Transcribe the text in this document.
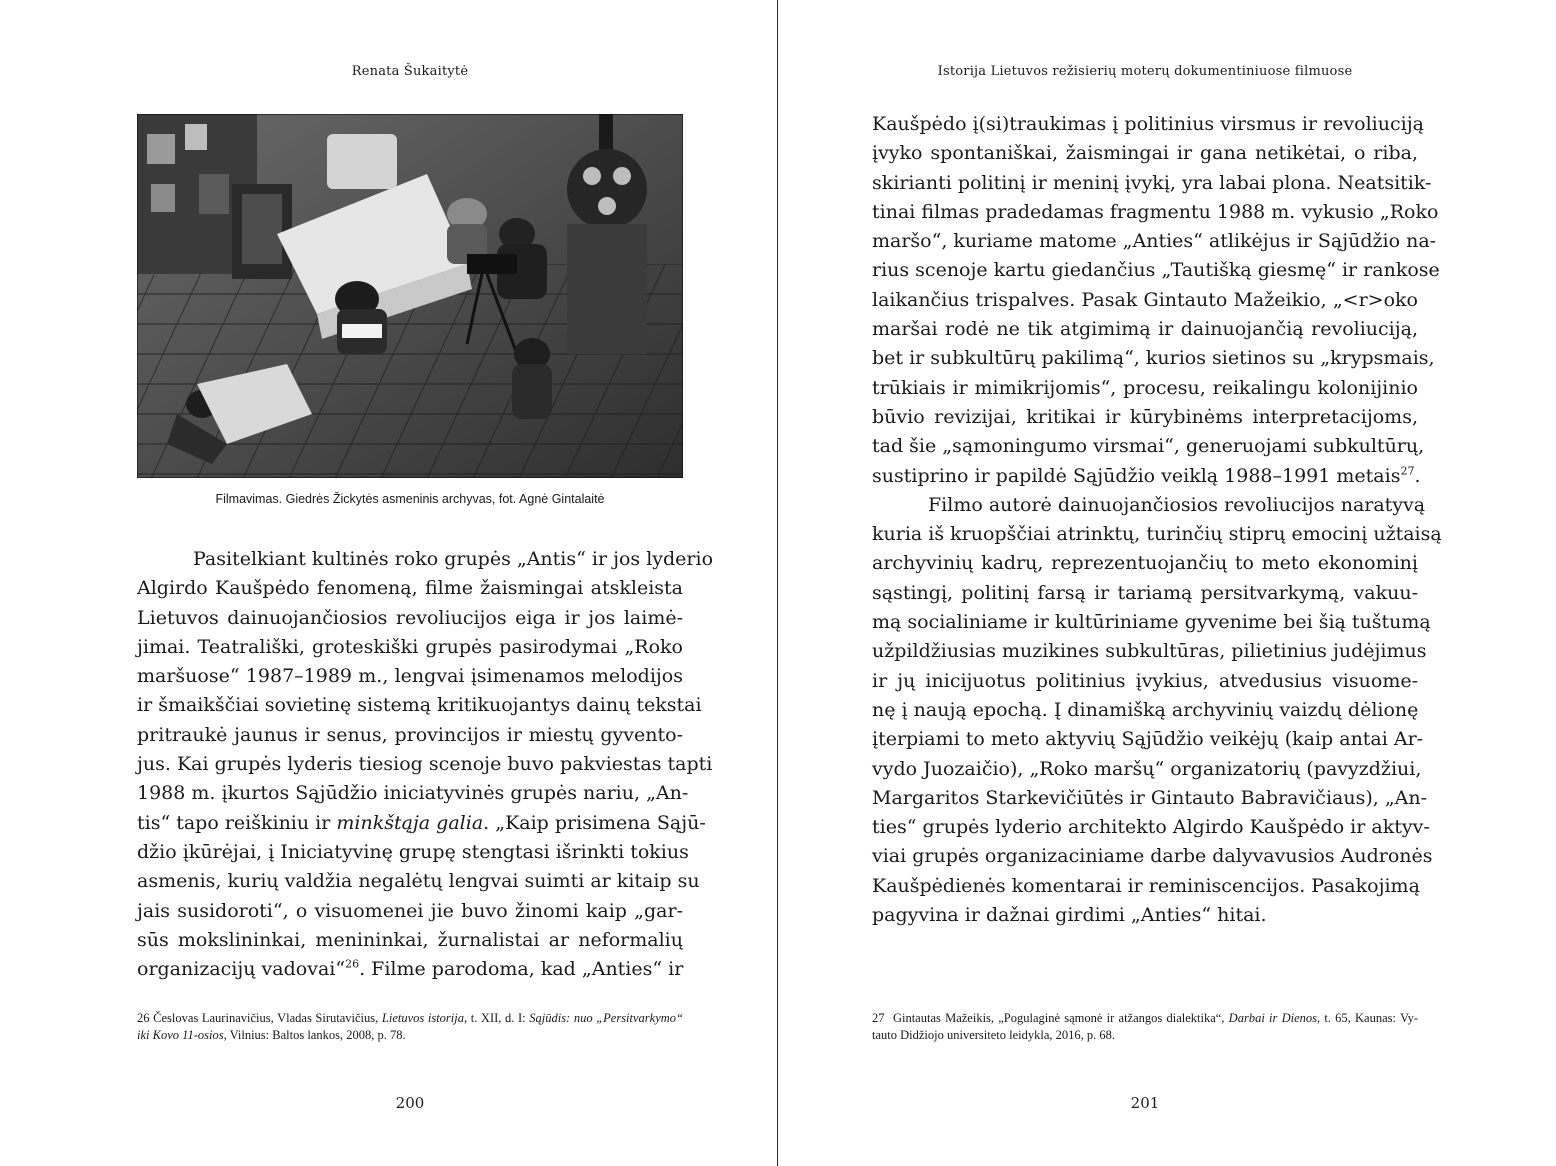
Renata Šukaitytė
Filmavimas. Giedrės Žickytės asmeninis archyvas, fot. Agnė Gintalaitė
Pasitelkiant kultinės roko grupės „Antis“ ir jos lyderio
Algirdo Kaušpėdo fenomeną, filme žaismingai atskleista
Lietuvos dainuojančiosios revoliucijos eiga ir jos laimė-
jimai. Teatrališki, groteskiški grupės pasirodymai „Roko
maršuose“ 1987–1989 m., lengvai įsimenamos melodijos
ir šmaikščiai sovietinę sistemą kritikuojantys dainų tekstai
pritraukė jaunus ir senus, provincijos ir miestų gyvento-
jus. Kai grupės lyderis tiesiog scenoje buvo pakviestas tapti
1988 m. įkurtos Sąjūdžio iniciatyvinės grupės nariu, „An-
tis“ tapo reiškiniu ir minkštąja galia. „Kaip prisimena Sąjū-
džio įkūrėjai, į Iniciatyvinę grupę stengtasi išrinkti tokius
asmenis, kurių valdžia negalėtų lengvai suimti ar kitaip su
jais susidoroti“, o visuomenei jie buvo žinomi kaip „gar-
sūs mokslininkai, menininkai, žurnalistai ar neformalių
organizacijų vadovai“$^{26}$. Filme parodoma, kad „Anties“ ir
26 Česlovas Laurinavičius, Vladas Sirutavičius, Lietuvos istorija, t. XII, d. I: Sąjūdis: nuo „Persitvarkymo“
iki Kovo 11-osios, Vilnius: Baltos lankos, 2008, p. 78.
200
Istorija Lietuvos režisierių moterų dokumentiniuose filmuose
Kaušpėdo į(si)traukimas į politinius virsmus ir revoliuciją
įvyko spontaniškai, žaismingai ir gana netikėtai, o riba,
skirianti politinį ir meninį įvykį, yra labai plona. Neatsitik-
tinai filmas pradedamas fragmentu 1988 m. vykusio „Roko
maršo“, kuriame matome „Anties“ atlikėjus ir Sąjūdžio na-
rius scenoje kartu giedančius „Tautišką giesmę“ ir rankose
laikančius trispalves. Pasak Gintauto Mažeikio, „<r>oko
maršai rodė ne tik atgimimą ir dainuojančią revoliuciją,
bet ir subkultūrų pakilimą“, kurios sietinos su „krypsmais,
trūkiais ir mimikrijomis“, procesu, reikalingu kolonijinio
būvio revizijai, kritikai ir kūrybinėms interpretacijoms,
tad šie „sąmoningumo virsmai“, generuojami subkultūrų,
sustiprino ir papildė Sąjūdžio veiklą 1988–1991 metais$^{27}$.
Filmo autorė dainuojančiosios revoliucijos naratyvą
kuria iš kruopščiai atrinktų, turinčių stiprų emocinį užtaisą
archyvinių kadrų, reprezentuojančių to meto ekonominį
sąstingį, politinį farsą ir tariamą persitvarkymą, vakuu-
mą socialiniame ir kultūriniame gyvenime bei šią tuštumą
užpildžiusias muzikines subkultūras, pilietinius judėjimus
ir jų inicijuotus politinius įvykius, atvedusius visuome-
nę į naują epochą. Į dinamišką archyvinių vaizdų dėlionę
įterpiami to meto aktyvių Sąjūdžio veikėjų (kaip antai Ar-
vydo Juozaičio), „Roko maršų“ organizatorių (pavyzdžiui,
Margaritos Starkevičiūtės ir Gintauto Babravičiaus), „An-
ties“ grupės lyderio architekto Algirdo Kaušpėdo ir aktyv-
viai grupės organizaciniame darbe dalyvavusios Audronės
Kaušpėdienės komentarai ir reminiscencijos. Pasakojimą
pagyvina ir dažnai girdimi „Anties“ hitai.
27 Gintautas Mažeikis, „Pogulaginė sąmonė ir atžangos dialektika“, Darbai ir Dienos, t. 65, Kaunas: Vy-
tauto Didžiojo universiteto leidykla, 2016, p. 68.
201
